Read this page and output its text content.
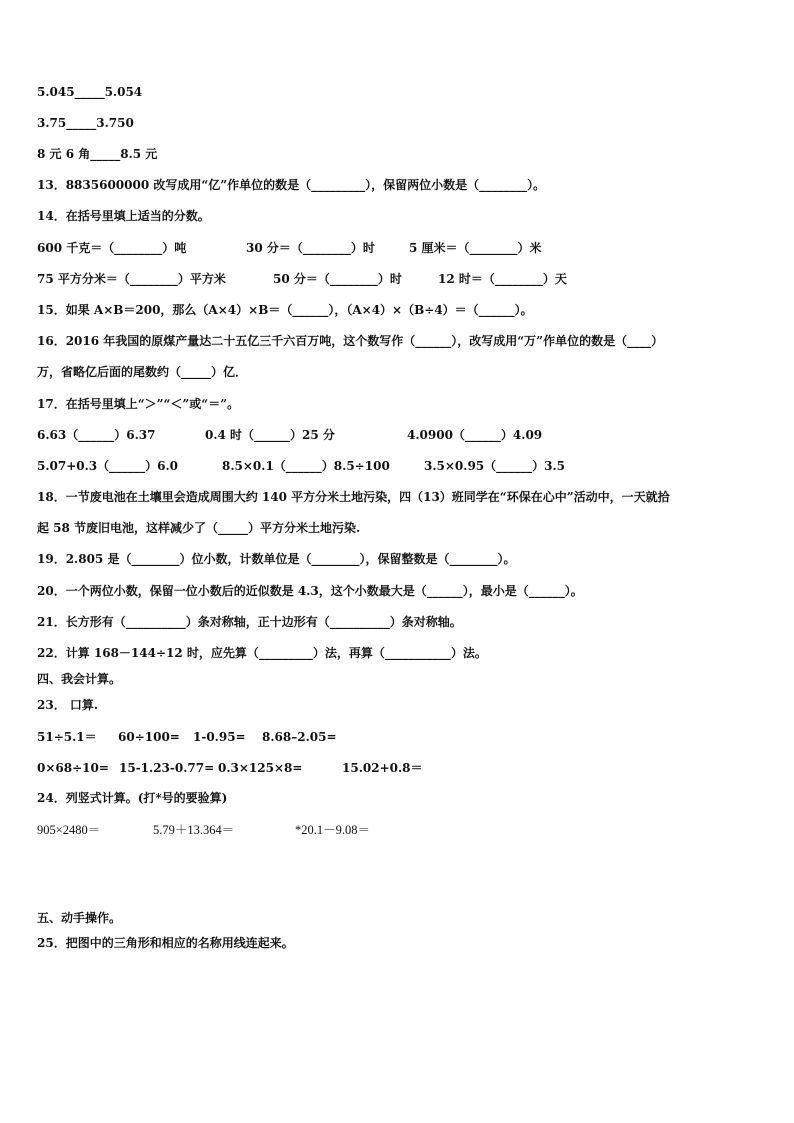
5.045_____5.054
3.75_____3.750
8 元 6 角_____8.5 元
13．8835600000 改写成用“亿”作单位的数是（_________），保留两位小数是（________）。
14．在括号里填上适当的分数。
600 千克＝（________）吨	30 分＝（________）时	5 厘米＝（________）米
75 平方分米＝（________）平方米	50 分＝（________）时	12 时＝（________）天
15．如果 A×B＝200，那么（A×4）×B＝（______），（A×4）×（B÷4）＝（______）。
16．2016 年我国的原煤产量达二十五亿三千六百万吨，这个数写作（______），改写成用“万”作单位的数是（____）
万，省略亿后面的尾数约（_____）亿．
17．在括号里填上“＞”“＜”或“＝”。
6.63（______）6.37	0.4 时（______）25 分	4.0900（______）4.09
5.07+0.3（______）6.0	8.5×0.1（______）8.5÷100	3.5×0.95（______）3.5
18．一节废电池在土壤里会造成周围大约 140 平方分米土地污染，四（13）班同学在“环保在心中”活动中，一天就拾
起 58 节废旧电池，这样减少了（_____）平方分米土地污染.
19．2.805 是（________）位小数，计数单位是（________），保留整数是（________）。
20．一个两位小数，保留一位小数后的近似数是 4.3，这个小数最大是（______），最小是（______）。
21．长方形有（__________）条对称轴，正十边形有（__________）条对称轴。
22．计算 168－144÷12 时，应先算（_________）法，再算（___________）法。
四、我会计算。
23． 口算.
51÷5.1＝ 60÷100= 1-0.95= 8.68–2.05=
0×68÷10= 15-1.23-0.77= 0.3×125×8=	15.02+0.8＝
24．列竖式计算。(打*号的要验算)
905×2480＝	5.79＋13.364＝	*20.1－9.08＝
五、动手操作。
25．把图中的三角形和相应的名称用线连起来。
